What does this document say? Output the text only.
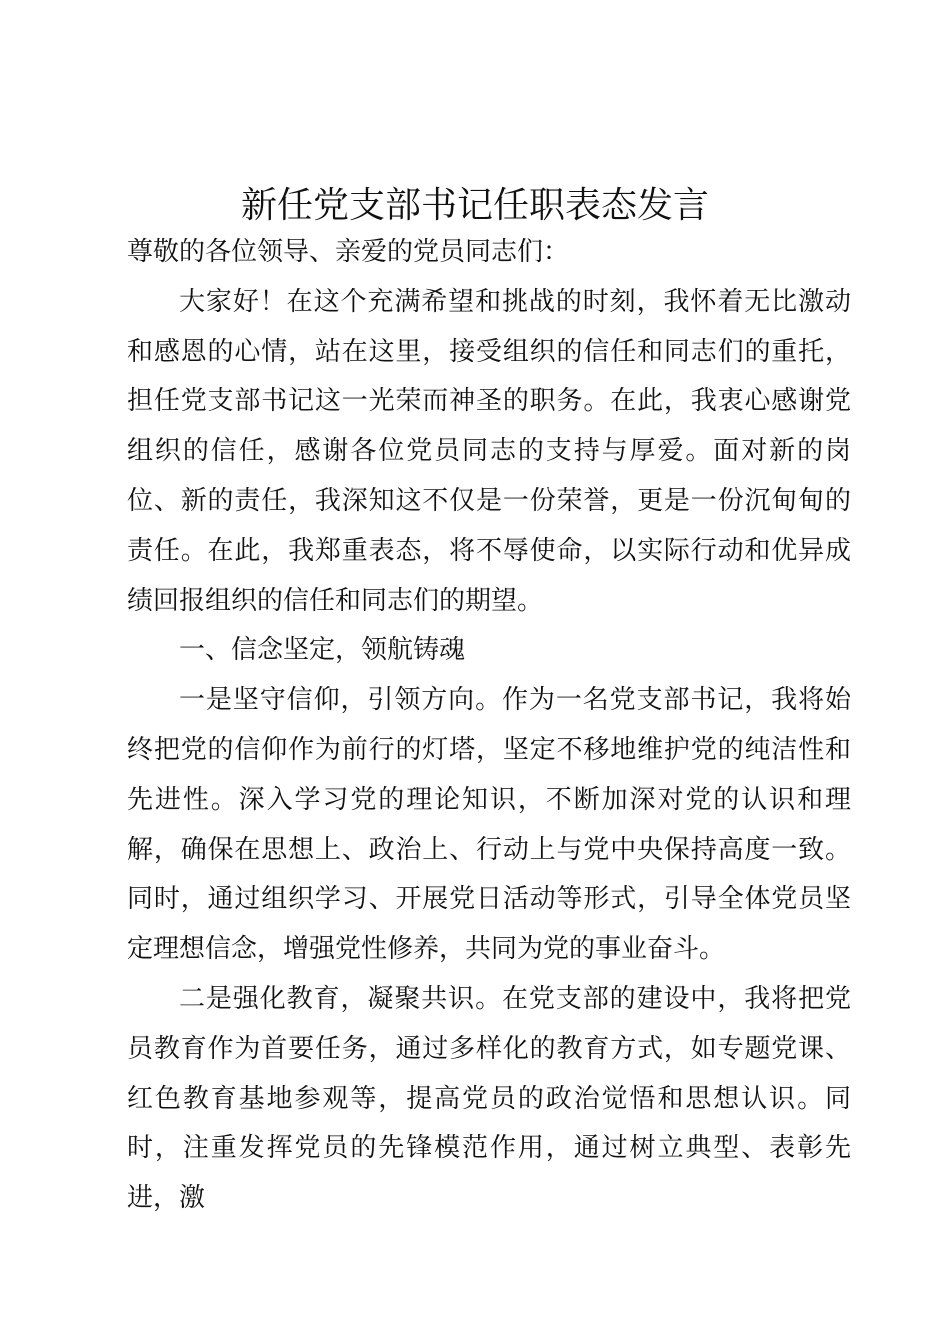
新任党支部书记任职表态发言

尊敬的各位领导、亲爱的党员同志们：

大家好！在这个充满希望和挑战的时刻，我怀着无比激动和感恩的心情，站在这里，接受组织的信任和同志们的重托，担任党支部书记这一光荣而神圣的职务。在此，我衷心感谢党组织的信任，感谢各位党员同志的支持与厚爱。面对新的岗位、新的责任，我深知这不仅是一份荣誉，更是一份沉甸甸的责任。在此，我郑重表态，将不辱使命，以实际行动和优异成绩回报组织的信任和同志们的期望。

一、信念坚定，领航铸魂

一是坚守信仰，引领方向。作为一名党支部书记，我将始终把党的信仰作为前行的灯塔，坚定不移地维护党的纯洁性和先进性。深入学习党的理论知识，不断加深对党的认识和理解，确保在思想上、政治上、行动上与党中央保持高度一致。同时，通过组织学习、开展党日活动等形式，引导全体党员坚定理想信念，增强党性修养，共同为党的事业奋斗。

二是强化教育，凝聚共识。在党支部的建设中，我将把党员教育作为首要任务，通过多样化的教育方式，如专题党课、红色教育基地参观等，提高党员的政治觉悟和思想认识。同时，注重发挥党员的先锋模范作用，通过树立典型、表彰先进，激
